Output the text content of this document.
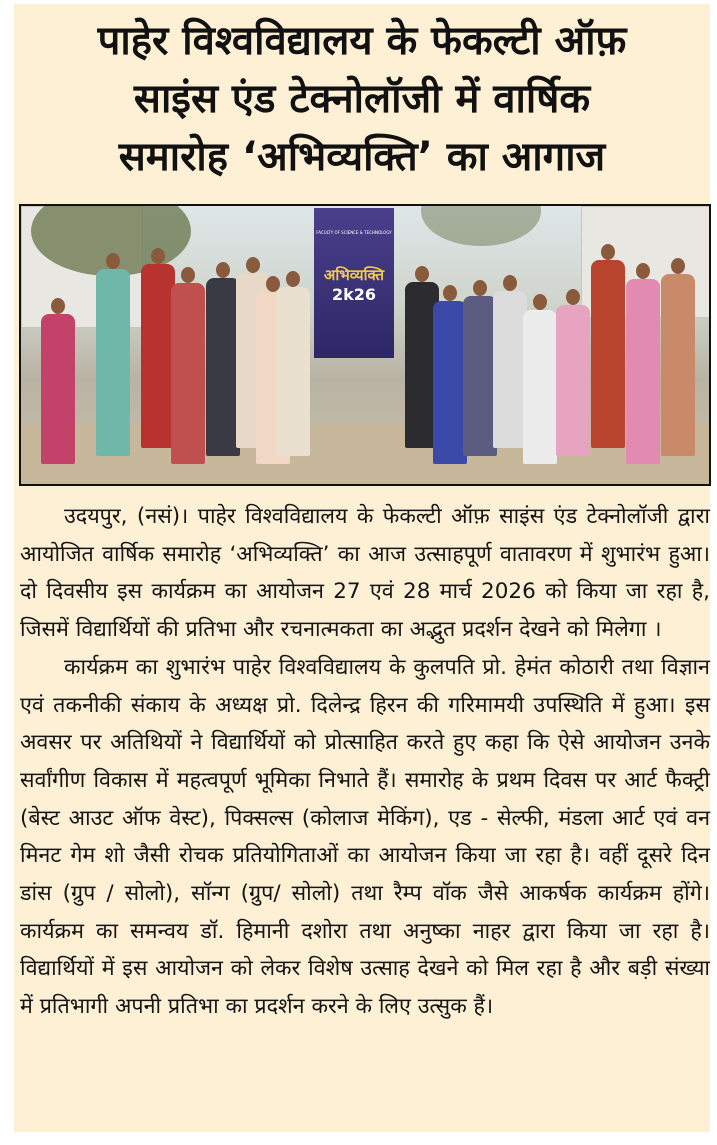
पाहेर विश्वविद्यालय के फेकल्टी ऑफ़
साइंस एंड टेक्नोलॉजी में वार्षिक
समारोह ‘अभिव्यक्ति’ का आगाज
FACULTY OF SCIENCE & TECHNOLOGY
अभिव्यक्ति
2k26

उदयपुर, (नसं)। पाहेर विश्वविद्यालय के फेकल्टी ऑफ़ साइंस एंड टेक्नोलॉजी द्वारा आयोजित वार्षिक समारोह ‘अभिव्यक्ति’ का आज उत्साहपूर्ण वातावरण में शुभारंभ हुआ। दो दिवसीय इस कार्यक्रम का आयोजन 27 एवं 28 मार्च 2026 को किया जा रहा है, जिसमें विद्यार्थियों की प्रतिभा और रचनात्मकता का अद्भुत प्रदर्शन देखने को मिलेगा ।

कार्यक्रम का शुभारंभ पाहेर विश्वविद्यालय के कुलपति प्रो. हेमंत कोठारी तथा विज्ञान एवं तकनीकी संकाय के अध्यक्ष प्रो. दिलेन्द्र हिरन की गरिमामयी उपस्थिति में हुआ। इस अवसर पर अतिथियों ने विद्यार्थियों को प्रोत्साहित करते हुए कहा कि ऐसे आयोजन उनके सर्वांगीण विकास में महत्वपूर्ण भूमिका निभाते हैं। समारोह के प्रथम दिवस पर आर्ट फैक्ट्री (बेस्ट आउट ऑफ वेस्ट), पिक्सल्स (कोलाज मेकिंग), एड - सेल्फी, मंडला आर्ट एवं वन मिनट गेम शो जैसी रोचक प्रतियोगिताओं का आयोजन किया जा रहा है। वहीं दूसरे दिन डांस (ग्रुप / सोलो), सॉन्ग (ग्रुप/ सोलो) तथा रैम्प वॉक जैसे आकर्षक कार्यक्रम होंगे। कार्यक्रम का समन्वय डॉ. हिमानी दशोरा तथा अनुष्का नाहर द्वारा किया जा रहा है। विद्यार्थियों में इस आयोजन को लेकर विशेष उत्साह देखने को मिल रहा है और बड़ी संख्या में प्रतिभागी अपनी प्रतिभा का प्रदर्शन करने के लिए उत्सुक हैं।
